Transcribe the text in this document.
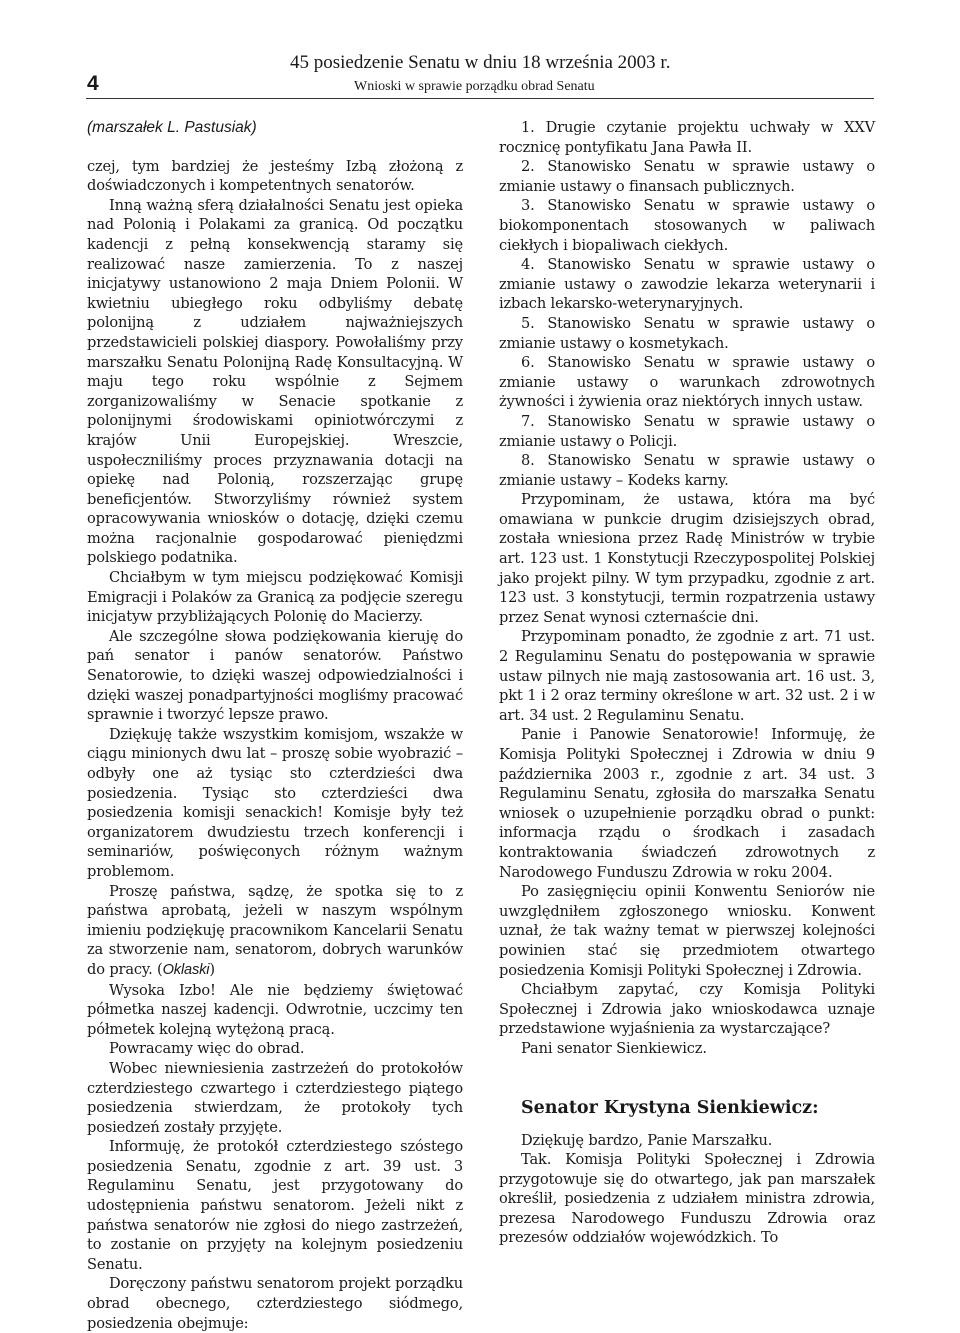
4
45 posiedzenie Senatu w dniu 18 września 2003 r.
Wnioski w sprawie porządku obrad Senatu

(marszałek L. Pastusiak)

czej, tym bardziej że jesteśmy Izbą złożoną z doświadczonych i kompetentnych senatorów.

Inną ważną sferą działalności Senatu jest opieka nad Polonią i Polakami za granicą. Od początku kadencji z pełną konsekwencją staramy się realizować nasze zamierzenia. To z naszej inicjatywy ustanowiono 2 maja Dniem Polonii. W kwietniu ubiegłego roku odbyliśmy debatę polonijną z udziałem najważniejszych przedstawicieli polskiej diaspory. Powołaliśmy przy marszałku Senatu Polonijną Radę Konsultacyjną. W maju tego roku wspólnie z Sejmem zorganizowaliśmy w Senacie spotkanie z polonijnymi środowiskami opiniotwórczymi z krajów Unii Europejskiej. Wreszcie, uspołeczniliśmy proces przyznawania dotacji na opiekę nad Polonią, rozszerzając grupę beneficjentów. Stworzyliśmy również system opracowywania wniosków o dotację, dzięki czemu można racjonalnie gospodarować pieniędzmi polskiego podatnika.

Chciałbym w tym miejscu podziękować Komisji Emigracji i Polaków za Granicą za podjęcie szeregu inicjatyw przybliżających Polonię do Macierzy.

Ale szczególne słowa podziękowania kieruję do pań senator i panów senatorów. Państwo Senatorowie, to dzięki waszej odpowiedzialności i dzięki waszej ponadpartyjności mogliśmy pracować sprawnie i tworzyć lepsze prawo.

Dziękuję także wszystkim komisjom, wszakże w ciągu minionych dwu lat – proszę sobie wyobrazić – odbyły one aż tysiąc sto czterdzieści dwa posiedzenia. Tysiąc sto czterdzieści dwa posiedzenia komisji senackich! Komisje były też organizatorem dwudziestu trzech konferencji i seminariów, poświęconych różnym ważnym problemom.

Proszę państwa, sądzę, że spotka się to z państwa aprobatą, jeżeli w naszym wspólnym imieniu podziękuję pracownikom Kancelarii Senatu za stworzenie nam, senatorom, dobrych warunków do pracy. (Oklaski)

Wysoka Izbo! Ale nie będziemy świętować półmetka naszej kadencji. Odwrotnie, uczcimy ten półmetek kolejną wytężoną pracą.

Powracamy więc do obrad.

Wobec niewniesienia zastrzeżeń do protokołów czterdziestego czwartego i czterdziestego piątego posiedzenia stwierdzam, że protokoły tych posiedzeń zostały przyjęte.

Informuję, że protokół czterdziestego szóstego posiedzenia Senatu, zgodnie z art. 39 ust. 3 Regulaminu Senatu, jest przygotowany do udostępnienia państwu senatorom. Jeżeli nikt z państwa senatorów nie zgłosi do niego zastrzeżeń, to zostanie on przyjęty na kolejnym posiedzeniu Senatu.

Doręczony państwu senatorom projekt porządku obrad obecnego, czterdziestego siódmego, posiedzenia obejmuje:

1. Drugie czytanie projektu uchwały w XXV rocznicę pontyfikatu Jana Pawła II.

2. Stanowisko Senatu w sprawie ustawy o zmianie ustawy o finansach publicznych.

3. Stanowisko Senatu w sprawie ustawy o biokomponentach stosowanych w paliwach ciekłych i biopaliwach ciekłych.

4. Stanowisko Senatu w sprawie ustawy o zmianie ustawy o zawodzie lekarza weterynarii i izbach lekarsko-weterynaryjnych.

5. Stanowisko Senatu w sprawie ustawy o zmianie ustawy o kosmetykach.

6. Stanowisko Senatu w sprawie ustawy o zmianie ustawy o warunkach zdrowotnych żywności i żywienia oraz niektórych innych ustaw.

7. Stanowisko Senatu w sprawie ustawy o zmianie ustawy o Policji.

8. Stanowisko Senatu w sprawie ustawy o zmianie ustawy – Kodeks karny.

Przypominam, że ustawa, która ma być omawiana w punkcie drugim dzisiejszych obrad, została wniesiona przez Radę Ministrów w trybie art. 123 ust. 1 Konstytucji Rzeczypospolitej Polskiej jako projekt pilny. W tym przypadku, zgodnie z art. 123 ust. 3 konstytucji, termin rozpatrzenia ustawy przez Senat wynosi czternaście dni.

Przypominam ponadto, że zgodnie z art. 71 ust. 2 Regulaminu Senatu do postępowania w sprawie ustaw pilnych nie mają zastosowania art. 16 ust. 3, pkt 1 i 2 oraz terminy określone w art. 32 ust. 2 i w art. 34 ust. 2 Regulaminu Senatu.

Panie i Panowie Senatorowie! Informuję, że Komisja Polityki Społecznej i Zdrowia w dniu 9 października 2003 r., zgodnie z art. 34 ust. 3 Regulaminu Senatu, zgłosiła do marszałka Senatu wniosek o uzupełnienie porządku obrad o punkt: informacja rządu o środkach i zasadach kontraktowania świadczeń zdrowotnych z Narodowego Funduszu Zdrowia w roku 2004.

Po zasięgnięciu opinii Konwentu Seniorów nie uwzględniłem zgłoszonego wniosku. Konwent uznał, że tak ważny temat w pierwszej kolejności powinien stać się przedmiotem otwartego posiedzenia Komisji Polityki Społecznej i Zdrowia.

Chciałbym zapytać, czy Komisja Polityki Społecznej i Zdrowia jako wnioskodawca uznaje przedstawione wyjaśnienia za wystarczające?

Pani senator Sienkiewicz.

Senator Krystyna Sienkiewicz:

Dziękuję bardzo, Panie Marszałku.

Tak. Komisja Polityki Społecznej i Zdrowia przygotowuje się do otwartego, jak pan marszałek określił, posiedzenia z udziałem ministra zdrowia, prezesa Narodowego Funduszu Zdrowia oraz prezesów oddziałów wojewódzkich. To
